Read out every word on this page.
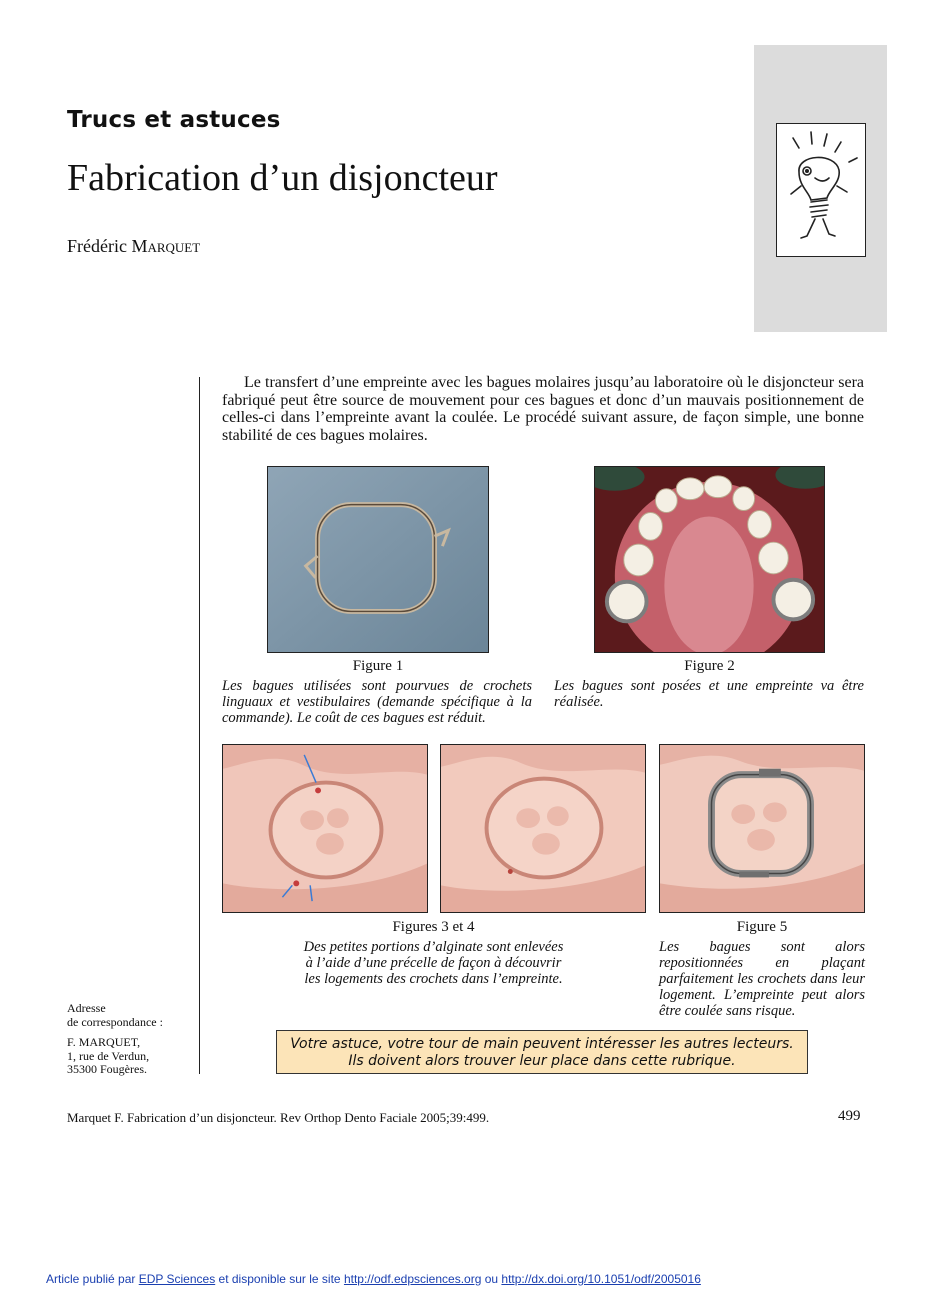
Trucs et astuces
Fabrication d’un disjoncteur
Frédéric Marquet
Le transfert d’une empreinte avec les bagues molaires jusqu’au laboratoire où le disjoncteur sera fabriqué peut être source de mouvement pour ces bagues et donc d’un mauvais positionnement de celles-ci dans l’empreinte avant la coulée. Le procédé suivant assure, de façon simple, une bonne stabilité de ces bagues molaires.
Figure 1
Les bagues utilisées sont pourvues de crochets linguaux et vestibulaires (demande spécifique à la commande). Le coût de ces bagues est réduit.
Figure 2
Les bagues sont posées et une empreinte va être réalisée.
Figures 3 et 4
Des petites portions d’alginate sont enlevées
à l’aide d’une précelle de façon à découvrir
les logements des crochets dans l’empreinte.
Figure 5
Les bagues sont alors repositionnées en plaçant parfaitement les crochets dans leur logement. L’empreinte peut alors être coulée sans risque.
Adresse
de correspondance :
F. MARQUET,
1, rue de Verdun,
35300 Fougères.
Votre astuce, votre tour de main peuvent intéresser les autres lecteurs.
Ils doivent alors trouver leur place dans cette rubrique.
Marquet F. Fabrication d’un disjoncteur. Rev Orthop Dento Faciale 2005;39:499.	499
Article publié par EDP Sciences et disponible sur le site http://odf.edpsciences.org ou http://dx.doi.org/10.1051/odf/2005016
